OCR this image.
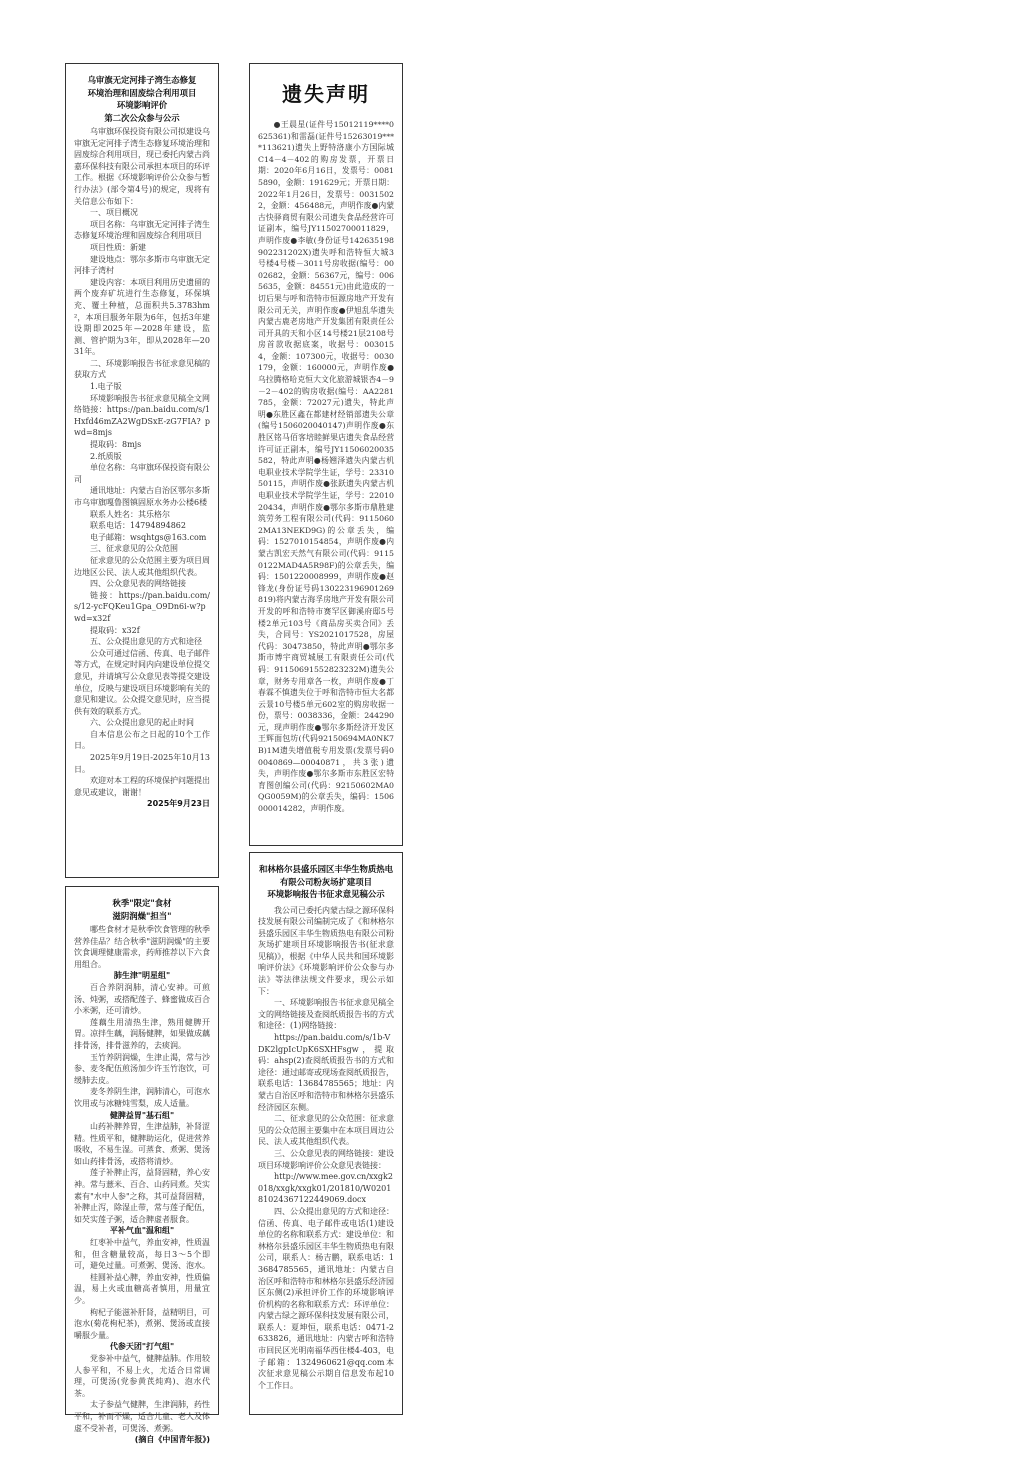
乌审旗无定河排子湾生态修复
环境治理和固废综合利用项目
环境影响评价
第二次公众参与公示

乌审旗环保投资有限公司拟建设乌审旗无定河排子湾生态修复环境治理和固废综合利用项目，现已委托内蒙古尚嘉环保科技有限公司承担本项目的环评工作。根据《环境影响评价公众参与暂行办法》(部令第4号)的规定，现将有关信息公布如下：

一、项目概况

项目名称：乌审旗无定河排子湾生态修复环境治理和固废综合利用项目

项目性质：新建

建设地点：鄂尔多斯市乌审旗无定河排子湾村

建设内容：本项目利用历史遗留的两个废弃矿坑进行生态修复，环保填充、覆土种植，总面积共5.3783hm²，本项目服务年限为6年，包括3年建设期即2025年—2028年建设，监测、管护期为3年，即从2028年—2031年。

二、环境影响报告书征求意见稿的获取方式

1.电子版

环境影响报告书征求意见稿全文网络链接：https://pan.baidu.com/s/1Hxfd46mZA2WgDSxE-zG7FIA? pwd=8mjs

提取码：8mjs

2.纸质版

单位名称：乌审旗环保投资有限公司

通讯地址：内蒙古自治区鄂尔多斯市乌审旗嘎鲁图镇固原水务办公楼6楼

联系人姓名：其乐格尔

联系电话：14794894862

电子邮箱：wsqhtgs@163.com

三、征求意见的公众范围

征求意见的公众范围主要为项目周边地区公民、法人或其他组织代表。

四、公众意见表的网络链接

链接：https://pan.baidu.com/s/12-ycFQKeu1Gpa_O9Dn6i-w?pwd=x32f

提取码：x32f

五、公众提出意见的方式和途径

公众可通过信函、传真、电子邮件等方式，在规定时间内向建设单位提交意见，并请填写公众意见表等提交建设单位，反映与建设项目环境影响有关的意见和建议。公众提交意见时，应当提供有效的联系方式。

六、公众提出意见的起止时间

自本信息公布之日起的10个工作日。

2025年9月19日-2025年10月13日。

欢迎对本工程的环境保护问题提出意见或建议，谢谢！

2025年9月23日

秋季"限定"食材
滋阴润燥"担当"

哪些食材才是秋季饮食管理的秋季营养佳品？结合秋季"滋阴润燥"的主要饮食调理健康需求，药师推荐以下六食用组合。

肺生津"明星组"

百合养阴润肺，清心安神。可煎汤、炖粥，或搭配莲子、蜂蜜做成百合小米粥，还可清炒。

莲藕生用清热生津，熟用健脾开胃。凉拌生藕，润肠健脾，如果做成藕排骨汤，排骨滋养的，去痰润。

玉竹养阴润燥，生津止渴，常与沙参、麦冬配伍煎汤加少许玉竹泡饮，可缓肺去皮。

麦冬养阴生津，润肺清心，可泡水饮用或与冰糖炖雪梨，成人适量。

健脾益胃"基石组"

山药补脾养胃，生津益肺，补肾涩精。性质平和，健脾助运化，促进营养吸收，不易生湿。可蒸食、煮粥、煲汤如山药排骨汤，或搭将清炒。

莲子补脾止泻，益肾固精，养心安神。常与薏米、百合、山药同煮。芡实素有"水中人参"之称，其可益肾固精，补脾止泻，除湿止带，常与莲子配伍，如芡实莲子粥，适合脾虚者服食。

平补气血"温和组"

红枣补中益气，养血安神，性质温和，但含糖量较高，每日3～5个即可，避免过量。可煮粥、煲汤、泡水。

桂圆补益心脾，养血安神，性质偏温，易上火或血糖高者慎用，用量宜少。

枸杞子能滋补肝肾，益精明目，可泡水(菊花枸杞茶)，煮粥、煲汤或直接嚼服少量。

代参天团"打气组"

党参补中益气，健脾益肺。作用较人参平和，不易上火，尤适合日常调理，可煲汤(党参黄芪炖鸡)、泡水代茶。

太子参益气健脾，生津润肺，药性平和，补而不燥，适合儿童、老人及体虚不受补者，可煲汤、煮粥。

(摘自《中国青年报》)

遗失声明

●王晨星(证件号15012119****0625361)和雷磊(证件号15263019****113621)遗失上野特洛康小方国际城C14－4－402的购房发票，开票日期：2020年6月16日，发票号：00815890，金额：191629元；开票日期：2022年1月26日，发票号：00315022，金额：456488元，声明作废●内蒙古快驿商贸有限公司遗失食品经营许可证副本，编号JY11502700011829，声明作废●李敏(身份证号142635198902231202X)遗失呼和浩特恒大城3号楼4号楼－3011号房收据(编号：0002682，金额：56367元，编号：0065635，金额：84551元)由此造成的一切后果与呼和浩特市恒源房地产开发有限公司无关，声明作废●伊旭乱华遗失内蒙古鹿老房地产开发集团有限责任公司开具的天和小区14号楼21层2108号房首款收据底案，收据号：0030154，金额：107300元，收据号：0030179，金额：160000元，声明作废●乌拉腾格哈克恒大文化旅游城银杏4－9－2－402的购房收据(编号：AA2281785，金额：72027元)遗失，特此声明●东胜区鑫在都建材经销部遗失公章(编号1506020040147)声明作废●东胜区铭马佰客培睦鲜果店遗失食品经营许可证正副本，编号JY11506020035582，特此声明●杨翘泽遗失内蒙古机电职业技术学院学生证，学号：2331050115，声明作废●张跃遗失内蒙古机电职业技术学院学生证，学号：2201020434，声明作废●鄂尔多斯市鼎胜建筑劳务工程有限公司(代码：91150602MA13NEKD9G)的公章丢失，编码：1527010154854，声明作废●内蒙古凯宏天然气有限公司(代码：91150122MAD4A5R98F)的公章丢失，编码：1501220008999，声明作废●赵锋龙(身份证号码130223196901269819)将内蒙古海孚房地产开发有限公司开发的呼和浩特市赛罕区御溪府邸5号楼2单元103号《商品房买卖合同》丢失，合同号：YS2021017528，房屋代码：30473850，特此声明●鄂尔多斯市博宇商贸城展工有限责任公司(代码：91150691552823232M)遗失公章，财务专用章各一枚，声明作废●丁春霖不慎遗失位于呼和浩特市恒大名都云景10号楼5单元602室的购房收据一份，票号：0038336，金额：244290元，现声明作废●鄂尔多斯经济开发区王辉面包坊(代码92150694MA0NK7B)1M遗失增值税专用发票(发票号码00040869—00040871，共3张)遗失，声明作废●鄂尔多斯市东胜区宏特育图创编公司(代码：92150602MA0QG0059M)的公章丢失，编码：1506000014282，声明作废。

和林格尔县盛乐园区丰华生物质热电
有限公司粉灰场扩建项目
环境影响报告书征求意见稿公示

我公司已委托内蒙古绿之源环保科技发展有限公司编制完成了《和林格尔县盛乐园区丰华生物质热电有限公司粉灰场扩建项目环境影响报告书(征求意见稿)》，根据《中华人民共和国环境影响评价法》《环境影响评价公众参与办法》等法律法规文件要求，现公示如下：

一、环境影响报告书征求意见稿全文的网络链接及查阅纸质报告书的方式和途径：(1)网络链接：

https://pan.baidu.com/s/1b-VDK2lgpIcUpK6SXHFsgw，提取码：ahsp(2)查阅纸质报告书的方式和途径：通过邮寄或现场查阅纸质报告，联系电话：13684785565；地址：内蒙古自治区呼和浩特市和林格尔县盛乐经济园区东侧。

二、征求意见的公众范围：征求意见的公众范围主要集中在本项目周边公民、法人或其他组织代表。

三、公众意见表的网络链接：建设项目环境影响评价公众意见表链接：

http://www.mee.gov.cn/xxgk2018/xxgk/xxgk01/201810/W020181024367122449069.docx

四、公众提出意见的方式和途径：信函、传真、电子邮件或电话(1)建设单位的名称和联系方式：建设单位：和林格尔县盛乐园区丰华生物质热电有限公司，联系人：杨吉鹏，联系电话：13684785565，通讯地址：内蒙古自治区呼和浩特市和林格尔县盛乐经济园区东侧(2)承担评价工作的环境影响评价机构的名称和联系方式：环评单位：内蒙古绿之源环保科技发展有限公司，联系人：夏坤恒，联系电话：0471-2633826，通讯地址：内蒙古呼和浩特市回民区光明南福华西住楼4-403，电子邮箱：1324960621@qq.com本次征求意见稿公示期自信息发布起10个工作日。
